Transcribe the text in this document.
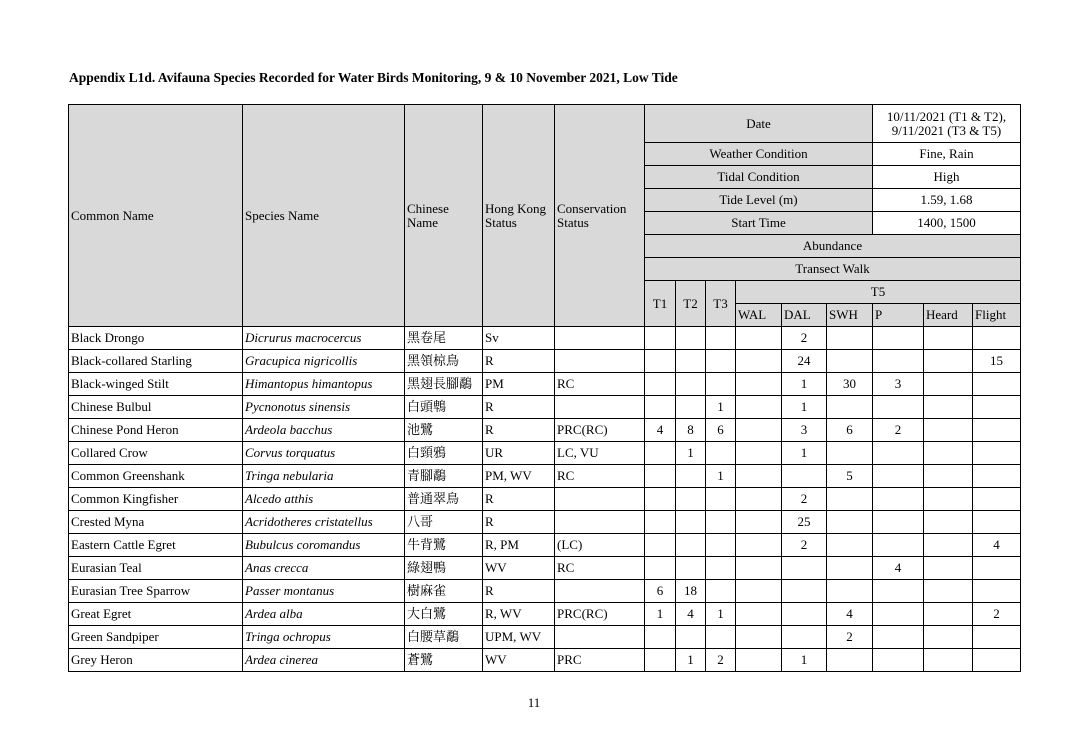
Appendix L1d. Avifauna Species Recorded for Water Birds Monitoring, 9 & 10 November 2021, Low Tide
Common Name	Species Name	Chinese Name	Hong Kong Status	Conservation Status	Date						10/11/2021 (T1 & T2), 9/11/2021 (T3 & T5)		
					Weather Condition						Fine, Rain		
					Tidal Condition						High		
					Tide Level (m)						1.59, 1.68		
					Start Time						1400, 1500		
					Abundance								
					Transect Walk								
					T1	T2	T3	T5					
								WAL	DAL	SWH	P	Heard	Flight
Black Drongo	Dicrurus macrocercus	黑卷尾	Sv						2				
Black-collared Starling	Gracupica nigricollis	黑領椋鳥	R						24				15
Black-winged Stilt	Himantopus himantopus	黑翅長腳鷸	PM	RC					1	30	3		
Chinese Bulbul	Pycnonotus sinensis	白頭鵯	R				1		1				
Chinese Pond Heron	Ardeola bacchus	池鷺	R	PRC(RC)	4	8	6		3	6	2		
Collared Crow	Corvus torquatus	白頸鴉	UR	LC, VU		1			1				
Common Greenshank	Tringa nebularia	青腳鷸	PM, WV	RC			1			5			
Common Kingfisher	Alcedo atthis	普通翠鳥	R						2				
Crested Myna	Acridotheres cristatellus	八哥	R						25				
Eastern Cattle Egret	Bubulcus coromandus	牛背鷺	R, PM	(LC)					2				4
Eurasian Teal	Anas crecca	綠翅鴨	WV	RC							4		
Eurasian Tree Sparrow	Passer montanus	樹麻雀	R		6	18							
Great Egret	Ardea alba	大白鷺	R, WV	PRC(RC)	1	4	1			4			2
Green Sandpiper	Tringa ochropus	白腰草鷸	UPM, WV							2			
Grey Heron	Ardea cinerea	蒼鷺	WV	PRC		1	2		1				
11
